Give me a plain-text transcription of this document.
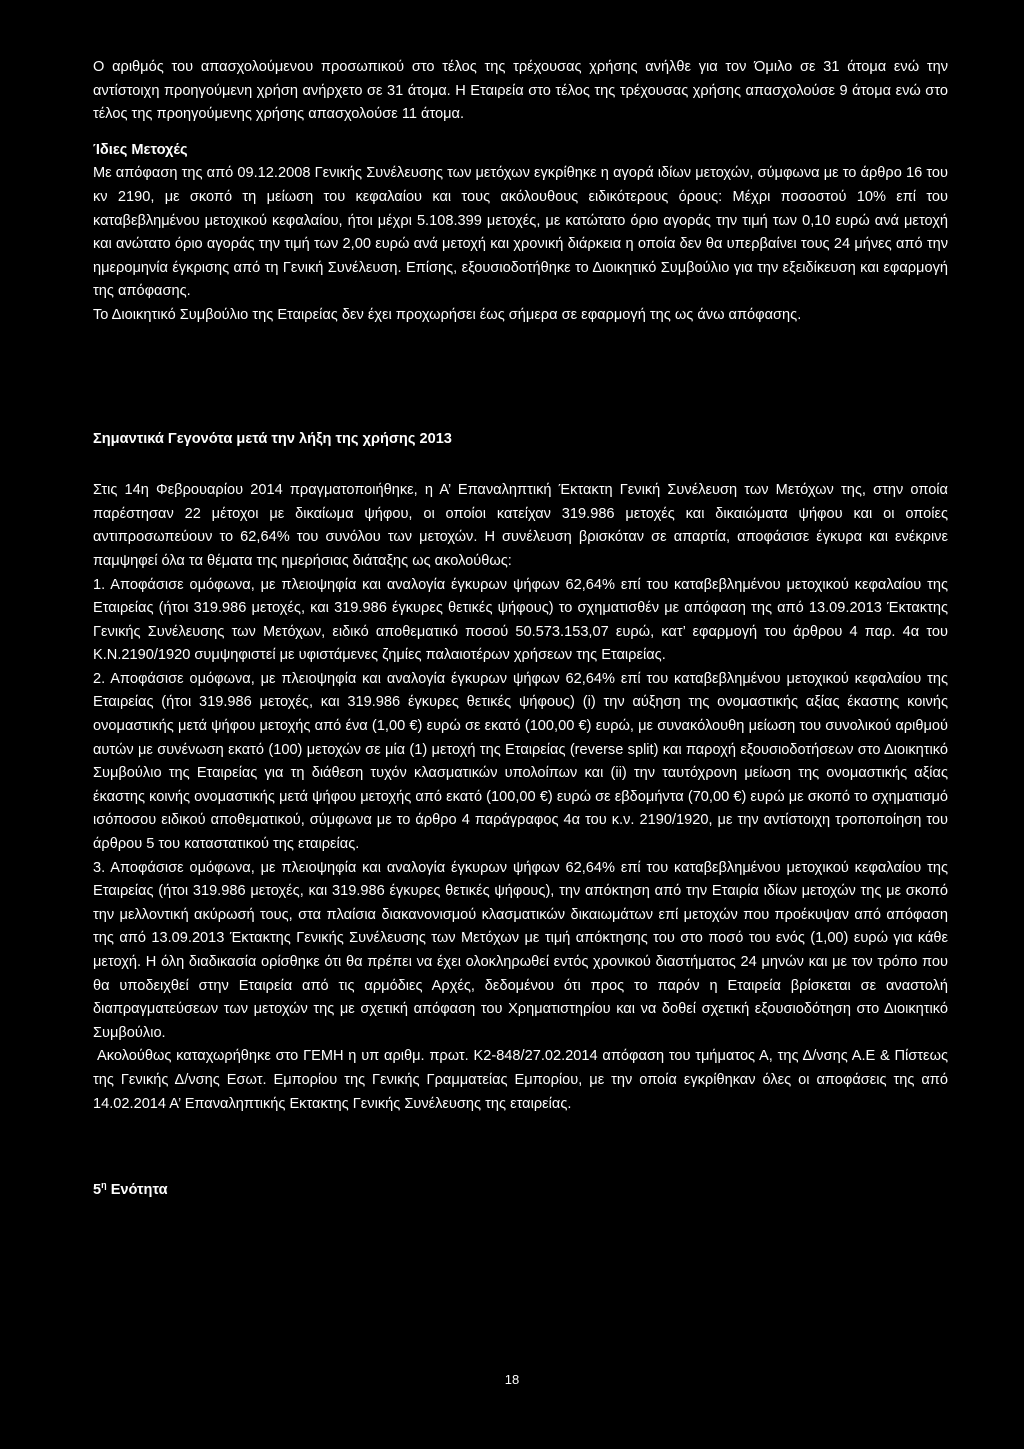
Ο αριθμός του απασχολούμενου προσωπικού στο τέλος της τρέχουσας χρήσης ανήλθε για τον Όμιλο σε 31 άτομα ενώ την αντίστοιχη προηγούμενη χρήση ανήρχετο σε 31 άτομα. Η Εταιρεία στο τέλος της τρέχουσας χρήσης απασχολούσε 9 άτομα ενώ στο τέλος της προηγούμενης χρήσης απασχολούσε 11 άτομα.

Ίδιες Μετοχές

Με απόφαση της από 09.12.2008 Γενικής Συνέλευσης των μετόχων εγκρίθηκε η αγορά ιδίων μετοχών, σύμφωνα με το άρθρο 16 του κν 2190, με σκοπό τη μείωση του κεφαλαίου και τους ακόλουθους ειδικότερους όρους: Μέχρι ποσοστού 10% επί του καταβεβλημένου μετοχικού κεφαλαίου, ήτοι μέχρι 5.108.399 μετοχές, με κατώτατο όριο αγοράς την τιμή των 0,10 ευρώ ανά μετοχή και ανώτατο όριο αγοράς την τιμή των 2,00 ευρώ ανά μετοχή και χρονική διάρκεια η οποία δεν θα υπερβαίνει τους 24 μήνες από την ημερομηνία έγκρισης από τη Γενική Συνέλευση. Επίσης, εξουσιοδοτήθηκε το Διοικητικό Συμβούλιο για την εξειδίκευση και εφαρμογή της απόφασης.

Το Διοικητικό Συμβούλιο της Εταιρείας δεν έχει προχωρήσει έως σήμερα σε εφαρμογή της ως άνω απόφασης.

Σημαντικά Γεγονότα μετά την λήξη της χρήσης 2013

Στις 14η Φεβρουαρίου 2014 πραγματοποιήθηκε, η Α’ Επαναληπτική Έκτακτη Γενική Συνέλευση των Μετόχων της, στην οποία παρέστησαν 22 μέτοχοι με δικαίωμα ψήφου, οι οποίοι κατείχαν 319.986 μετοχές και δικαιώματα ψήφου και οι οποίες αντιπροσωπεύουν το 62,64% του συνόλου των μετοχών. Η συνέλευση βρισκόταν σε απαρτία, αποφάσισε έγκυρα και ενέκρινε παμψηφεί όλα τα θέματα της ημερήσιας διάταξης ως ακολούθως:

1. Αποφάσισε ομόφωνα, με πλειοψηφία και αναλογία έγκυρων ψήφων 62,64% επί του καταβεβλημένου μετοχικού κεφαλαίου της Εταιρείας (ήτοι 319.986 μετοχές, και 319.986 έγκυρες θετικές ψήφους) το σχηματισθέν με απόφαση της από 13.09.2013 Έκτακτης Γενικής Συνέλευσης των Μετόχων, ειδικό αποθεματικό ποσού 50.573.153,07 ευρώ, κατ’ εφαρμογή του άρθρου 4 παρ. 4α του Κ.Ν.2190/1920 συμψηφιστεί με υφιστάμενες ζημίες παλαιοτέρων χρήσεων της Εταιρείας.

2. Αποφάσισε ομόφωνα, με πλειοψηφία και αναλογία έγκυρων ψήφων 62,64% επί του καταβεβλημένου μετοχικού κεφαλαίου της Εταιρείας (ήτοι 319.986 μετοχές, και 319.986 έγκυρες θετικές ψήφους) (i) την αύξηση της ονομαστικής αξίας έκαστης κοινής ονομαστικής μετά ψήφου μετοχής από ένα (1,00 €) ευρώ σε εκατό (100,00 €) ευρώ, με συνακόλουθη μείωση του συνολικού αριθμού αυτών με συνένωση εκατό (100) μετοχών σε μία (1) μετοχή της Εταιρείας (reverse split) και παροχή εξουσιοδοτήσεων στο Διοικητικό Συμβούλιο της Εταιρείας για τη διάθεση τυχόν κλασματικών υπολοίπων και (ii) την ταυτόχρονη μείωση της ονομαστικής αξίας έκαστης κοινής ονομαστικής μετά ψήφου μετοχής από εκατό (100,00 €) ευρώ σε εβδομήντα (70,00 €) ευρώ με σκοπό το σχηματισμό ισόποσου ειδικού αποθεματικού, σύμφωνα με το άρθρο 4 παράγραφος 4α του κ.ν. 2190/1920, με την αντίστοιχη τροποποίηση του άρθρου 5 του καταστατικού της εταιρείας.

3. Αποφάσισε ομόφωνα, με πλειοψηφία και αναλογία έγκυρων ψήφων 62,64% επί του καταβεβλημένου μετοχικού κεφαλαίου της Εταιρείας (ήτοι 319.986 μετοχές, και 319.986 έγκυρες θετικές ψήφους), την απόκτηση από την Εταιρία ιδίων μετοχών της με σκοπό την μελλοντική ακύρωσή τους, στα πλαίσια διακανονισμού κλασματικών δικαιωμάτων επί μετοχών που προέκυψαν από απόφαση της από 13.09.2013 Έκτακτης Γενικής Συνέλευσης των Μετόχων με τιμή απόκτησης του στο ποσό του ενός (1,00) ευρώ για κάθε μετοχή. Η όλη διαδικασία ορίσθηκε ότι θα πρέπει να έχει ολοκληρωθεί εντός χρονικού διαστήματος 24 μηνών και με τον τρόπο που θα υποδειχθεί στην Εταιρεία από τις αρμόδιες Αρχές, δεδομένου ότι προς το παρόν η Εταιρεία βρίσκεται σε αναστολή διαπραγματεύσεων των μετοχών της με σχετική απόφαση του Χρηματιστηρίου και να δοθεί σχετική εξουσιοδότηση στο Διοικητικό Συμβούλιο.

Ακολούθως καταχωρήθηκε στο ΓΕΜΗ η υπ αριθμ. πρωτ. Κ2-848/27.02.2014 απόφαση του τμήματος Α, της Δ/νσης Α.Ε & Πίστεως της Γενικής Δ/νσης Εσωτ. Εμπορίου της Γενικής Γραμματείας Εμπορίου, με την οποία εγκρίθηκαν όλες οι αποφάσεις της από 14.02.2014 Α’ Επαναληπτικής Εκτακτης Γενικής Συνέλευσης της εταιρείας.

$5^\eta$ Ενότητα
18
